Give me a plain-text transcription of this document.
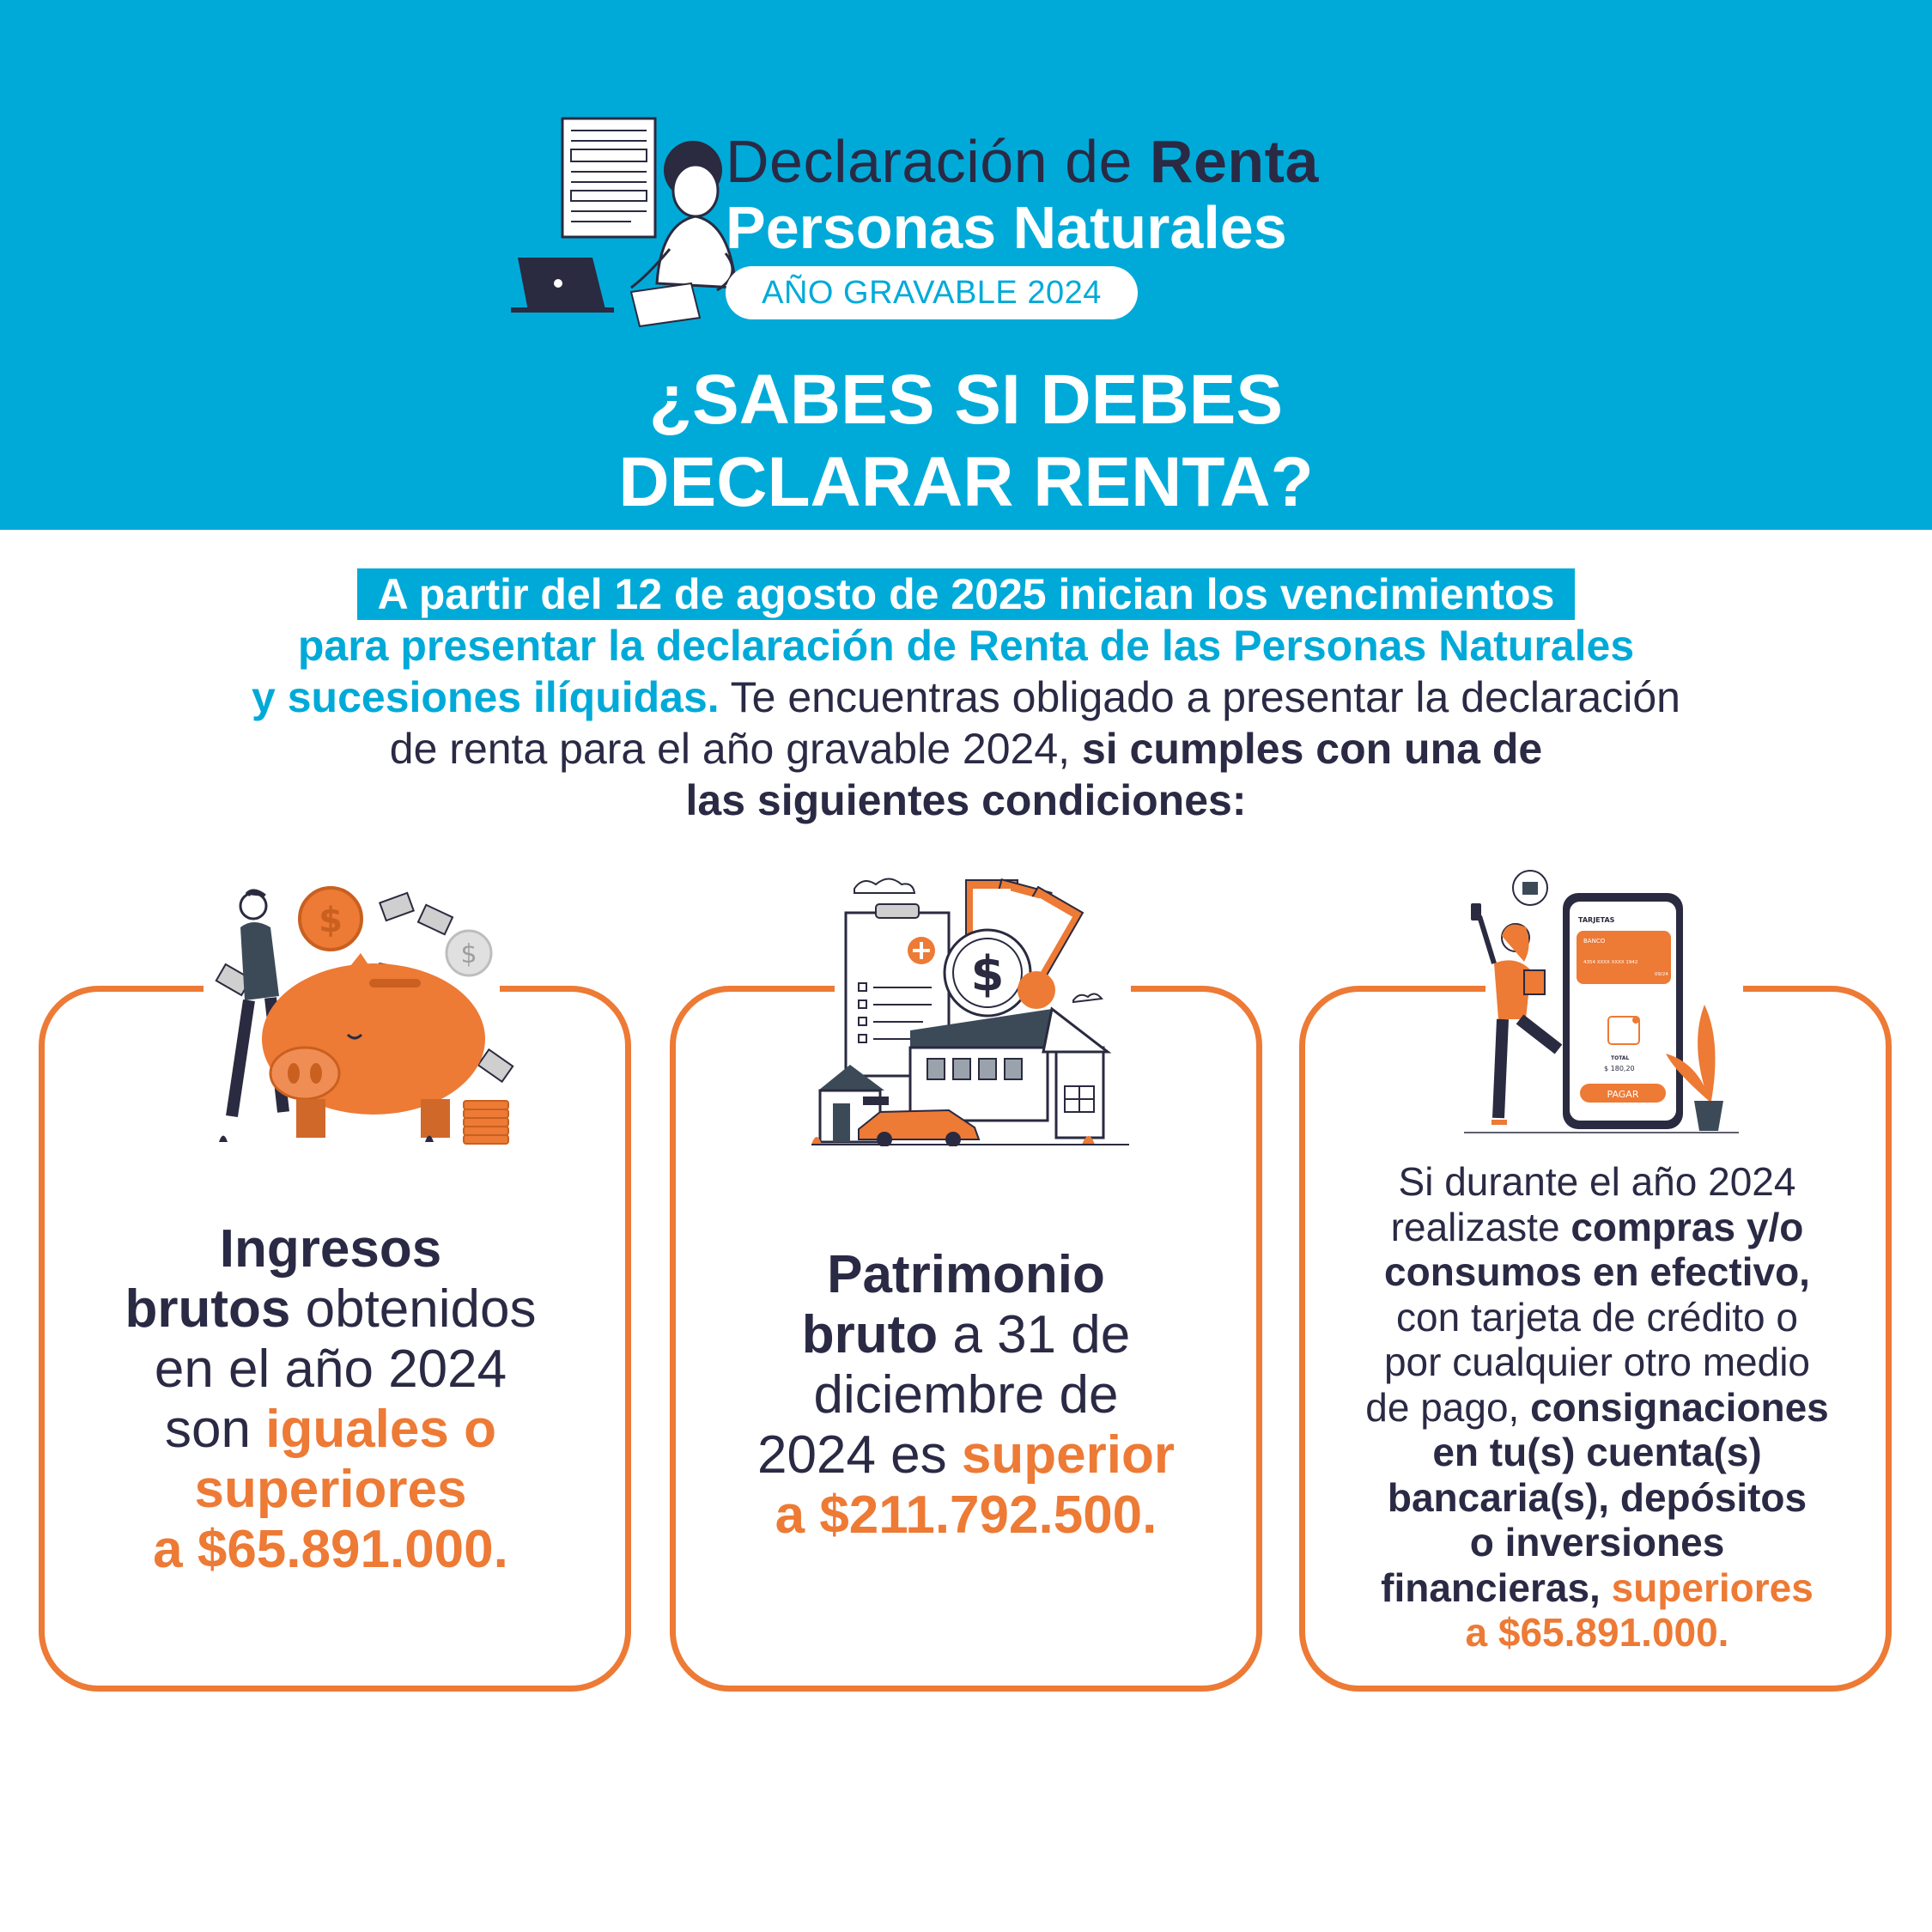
Declaración de Renta
Personas Naturales
AÑO GRAVABLE 2024
¿SABES SI DEBES
DECLARAR RENTA?
A partir del 12 de agosto de 2025 inician los vencimientos
para presentar la declaración de Renta de las Personas Naturales
y sucesiones ilíquidas. Te encuentras obligado a presentar la declaración
de renta para el año gravable 2024, si cumples con una de
las siguientes condiciones:
$
$
Ingresos
brutos obtenidos
en el año 2024
son iguales o
superiores
a $65.891.000.
$
Patrimonio
bruto a 31 de
diciembre de
2024 es superior
a $211.792.500.
TARJETAS
BANCO
4354 XXXX XXXX 1942
09/24
TOTAL
$ 180,20
PAGAR
Si durante el año 2024
realizaste compras y/o
consumos en efectivo,
con tarjeta de crédito o
por cualquier otro medio
de pago, consignaciones
en tu(s) cuenta(s)
bancaria(s), depósitos
o inversiones
financieras, superiores
a $65.891.000.
